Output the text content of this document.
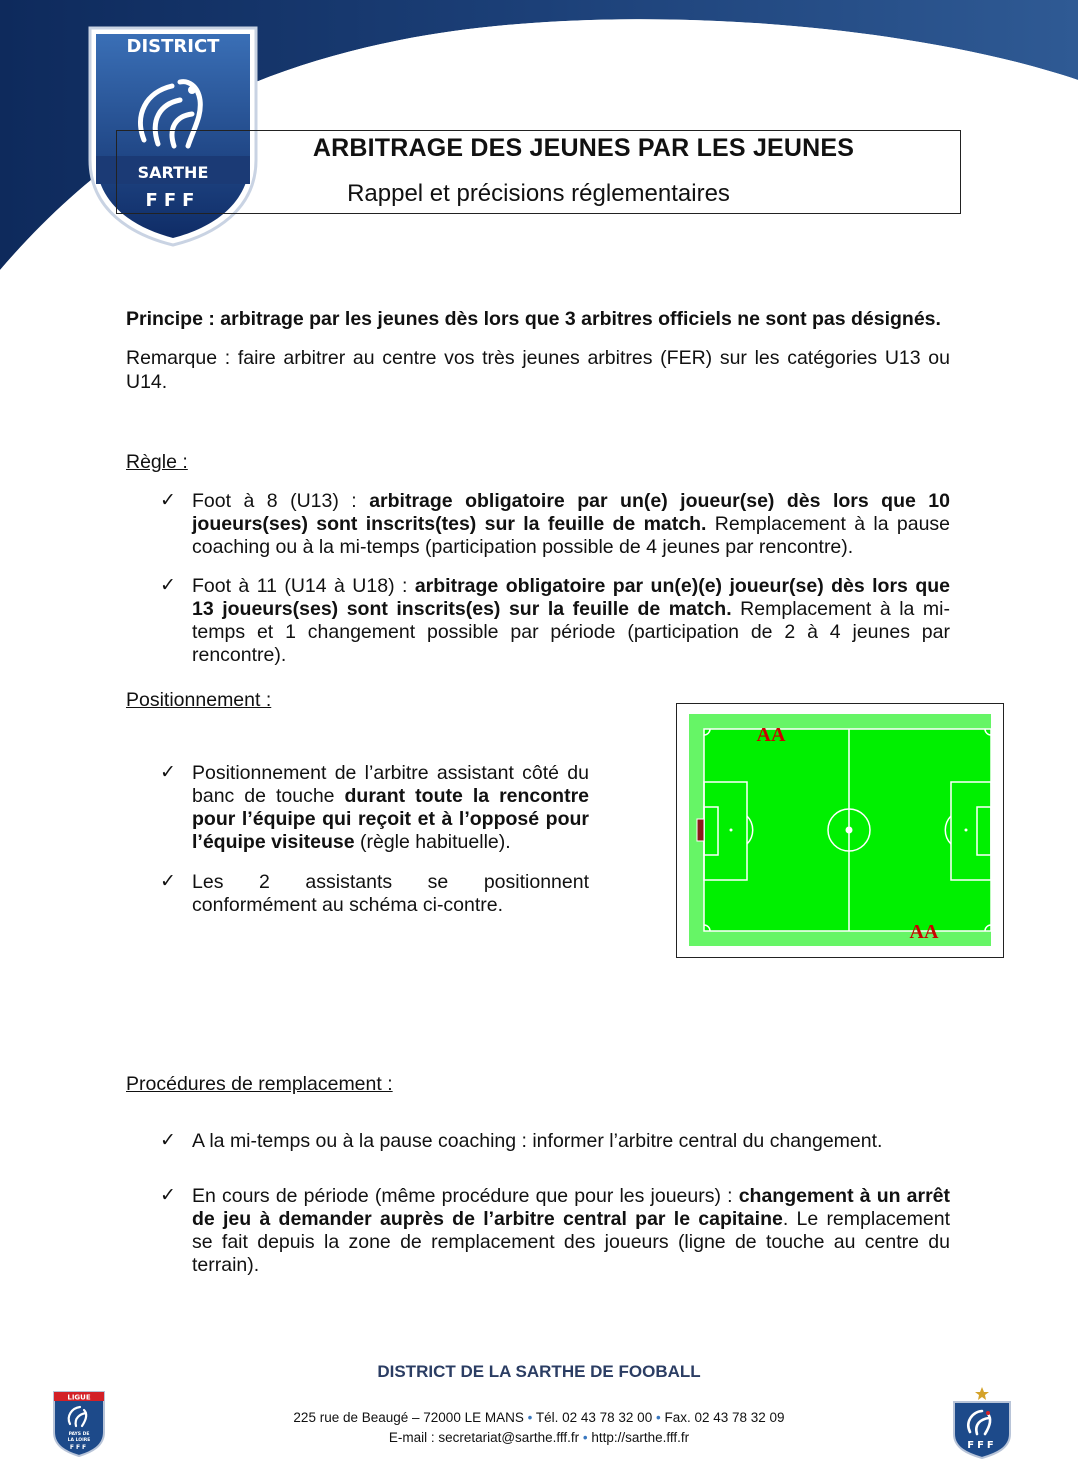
DISTRICT
SARTHE
FFF
ARBITRAGE DES JEUNES PAR LES JEUNES
Rappel et précisions réglementaires
Principe : arbitrage par les jeunes dès lors que 3 arbitres officiels ne sont pas désignés.
Remarque : faire arbitrer au centre vos très jeunes arbitres (FER) sur les catégories U13 ou
U14.
Règle :
✓ Foot à 8 (U13) : arbitrage obligatoire par un(e) joueur(se) dès lors que 10
joueurs(ses) sont inscrits(tes) sur la feuille de match. Remplacement à la pause
coaching ou à la mi-temps (participation possible de 4 jeunes par rencontre).
✓ Foot à 11 (U14 à U18) : arbitrage obligatoire par un(e)(e) joueur(se) dès lors que
13 joueurs(ses) sont inscrits(es) sur la feuille de match. Remplacement à la mi-
temps et 1 changement possible par période (participation de 2 à 4 jeunes par
rencontre).
Positionnement :
✓ Positionnement de l’arbitre assistant côté du
banc de touche durant toute la rencontre
pour l’équipe qui reçoit et à l’opposé pour
l’équipe visiteuse (règle habituelle).
✓ Les 2 assistants se positionnent
conformément au schéma ci-contre.
AA
AA
Procédures de remplacement :
✓ A la mi-temps ou à la pause coaching : informer l’arbitre central du changement.
✓ En cours de période (même procédure que pour les joueurs) : changement à un arrêt
de jeu à demander auprès de l’arbitre central par le capitaine. Le remplacement
se fait depuis la zone de remplacement des joueurs (ligne de touche au centre du
terrain).
DISTRICT DE LA SARTHE DE FOOBALL
225 rue de Beaugé – 72000 LE MANS • Tél. 02 43 78 32 00 • Fax. 02 43 78 32 09
E-mail : secretariat@sarthe.fff.fr • http://sarthe.fff.fr
LIGUE
PAYS DE
LA LOIRE
FFF	FFF
